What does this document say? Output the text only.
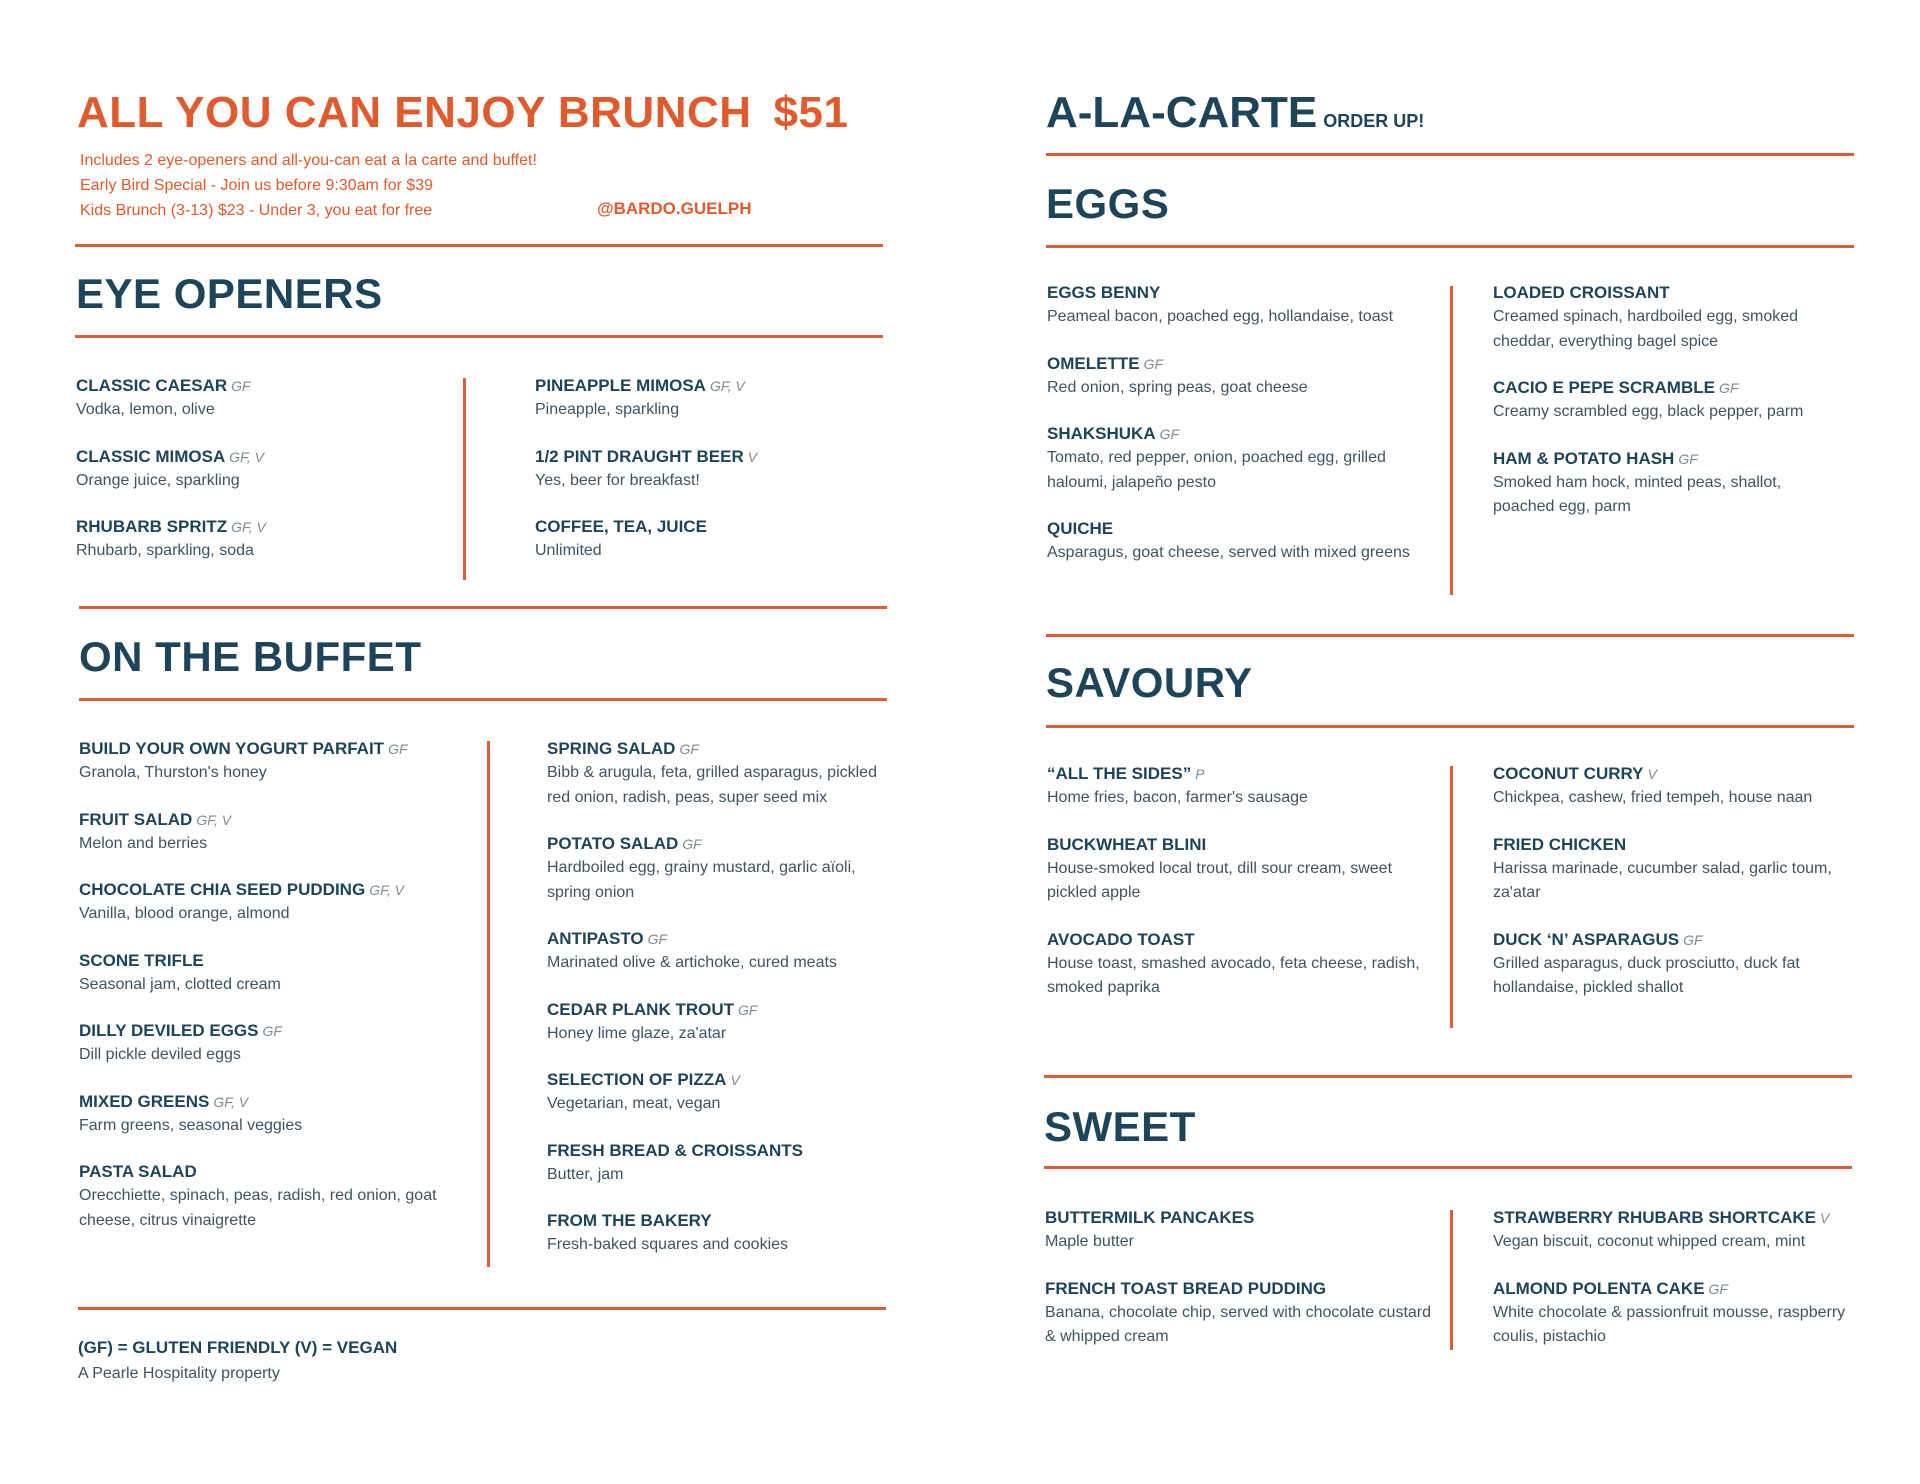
ALL YOU CAN ENJOY BRUNCH $51
Includes 2 eye-openers and all-you-can eat a la carte and buffet!
Early Bird Special - Join us before 9:30am for $39
Kids Brunch (3-13) $23 - Under 3, you eat for free	@BARDO.GUELPH
EYE OPENERS
CLASSIC CAESAR GF
Vodka, lemon, olive
CLASSIC MIMOSA GF, V
Orange juice, sparkling
RHUBARB SPRITZ GF, V
Rhubarb, sparkling, soda
PINEAPPLE MIMOSA GF, V
Pineapple, sparkling
1/2 PINT DRAUGHT BEER V
Yes, beer for breakfast!
COFFEE, TEA, JUICE
Unlimited
ON THE BUFFET
BUILD YOUR OWN YOGURT PARFAIT GF
Granola, Thurston's honey
FRUIT SALAD GF, V
Melon and berries
CHOCOLATE CHIA SEED PUDDING GF, V
Vanilla, blood orange, almond
SCONE TRIFLE
Seasonal jam, clotted cream
DILLY DEVILED EGGS GF
Dill pickle deviled eggs
MIXED GREENS GF, V
Farm greens, seasonal veggies
PASTA SALAD
Orecchiette, spinach, peas, radish, red onion, goat cheese, citrus vinaigrette
SPRING SALAD GF
Bibb & arugula, feta, grilled asparagus, pickled red onion, radish, peas, super seed mix
POTATO SALAD GF
Hardboiled egg, grainy mustard, garlic aïoli, spring onion
ANTIPASTO GF
Marinated olive & artichoke, cured meats
CEDAR PLANK TROUT GF
Honey lime glaze, za'atar
SELECTION OF PIZZA V
Vegetarian, meat, vegan
FRESH BREAD & CROISSANTS
Butter, jam
FROM THE BAKERY
Fresh-baked squares and cookies
(GF) = GLUTEN FRIENDLY (V) = VEGAN
A Pearle Hospitality property
A-LA-CARTE ORDER UP!
EGGS
EGGS BENNY
Peameal bacon, poached egg, hollandaise, toast
OMELETTE GF
Red onion, spring peas, goat cheese
SHAKSHUKA GF
Tomato, red pepper, onion, poached egg, grilled haloumi, jalapeño pesto
QUICHE
Asparagus, goat cheese, served with mixed greens
LOADED CROISSANT
Creamed spinach, hardboiled egg, smoked cheddar, everything bagel spice
CACIO E PEPE SCRAMBLE GF
Creamy scrambled egg, black pepper, parm
HAM & POTATO HASH GF
Smoked ham hock, minted peas, shallot, poached egg, parm
SAVOURY
“ALL THE SIDES” P
Home fries, bacon, farmer's sausage
BUCKWHEAT BLINI
House-smoked local trout, dill sour cream, sweet pickled apple
AVOCADO TOAST
House toast, smashed avocado, feta cheese, radish, smoked paprika
COCONUT CURRY V
Chickpea, cashew, fried tempeh, house naan
FRIED CHICKEN
Harissa marinade, cucumber salad, garlic toum, za'atar
DUCK ‘N’ ASPARAGUS GF
Grilled asparagus, duck prosciutto, duck fat hollandaise, pickled shallot
SWEET
BUTTERMILK PANCAKES
Maple butter
FRENCH TOAST BREAD PUDDING
Banana, chocolate chip, served with chocolate custard & whipped cream
STRAWBERRY RHUBARB SHORTCAKE V
Vegan biscuit, coconut whipped cream, mint
ALMOND POLENTA CAKE GF
White chocolate & passionfruit mousse, raspberry coulis, pistachio
